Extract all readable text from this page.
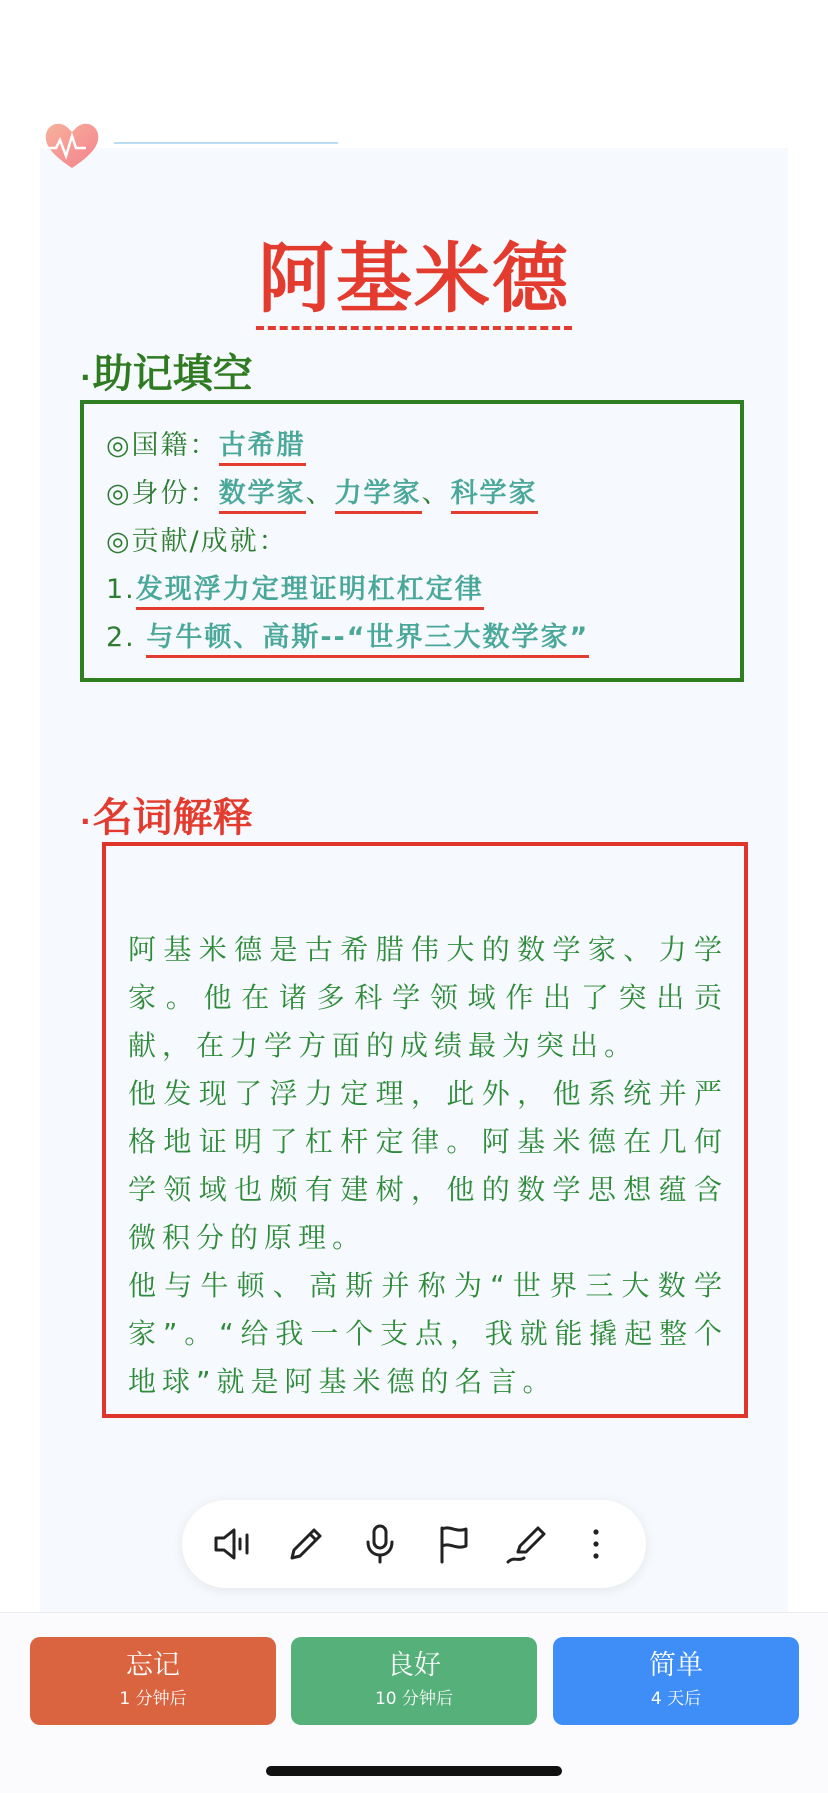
阿基米德
·助记填空
◎国籍：古希腊
◎身份：数学家、力学家、科学家
◎贡献/成就：
1.发现浮力定理证明杠杠定律
2. 与牛顿、高斯--“世界三大数学家”
·名词解释

阿基米德是古希腊伟大的数学家、力学家。他在诸多科学领域作出了突出贡献，在力学方面的成绩最为突出。

他发现了浮力定理，此外，他系统并严格地证明了杠杆定律。阿基米德在几何学领域也颇有建树，他的数学思想蕴含微积分的原理。

他与牛顿、高斯并称为“世界三大数学家”。“给我一个支点，我就能撬起整个地球”就是阿基米德的名言。

忘记
1 分钟后
良好
10 分钟后
简单
4 天后
